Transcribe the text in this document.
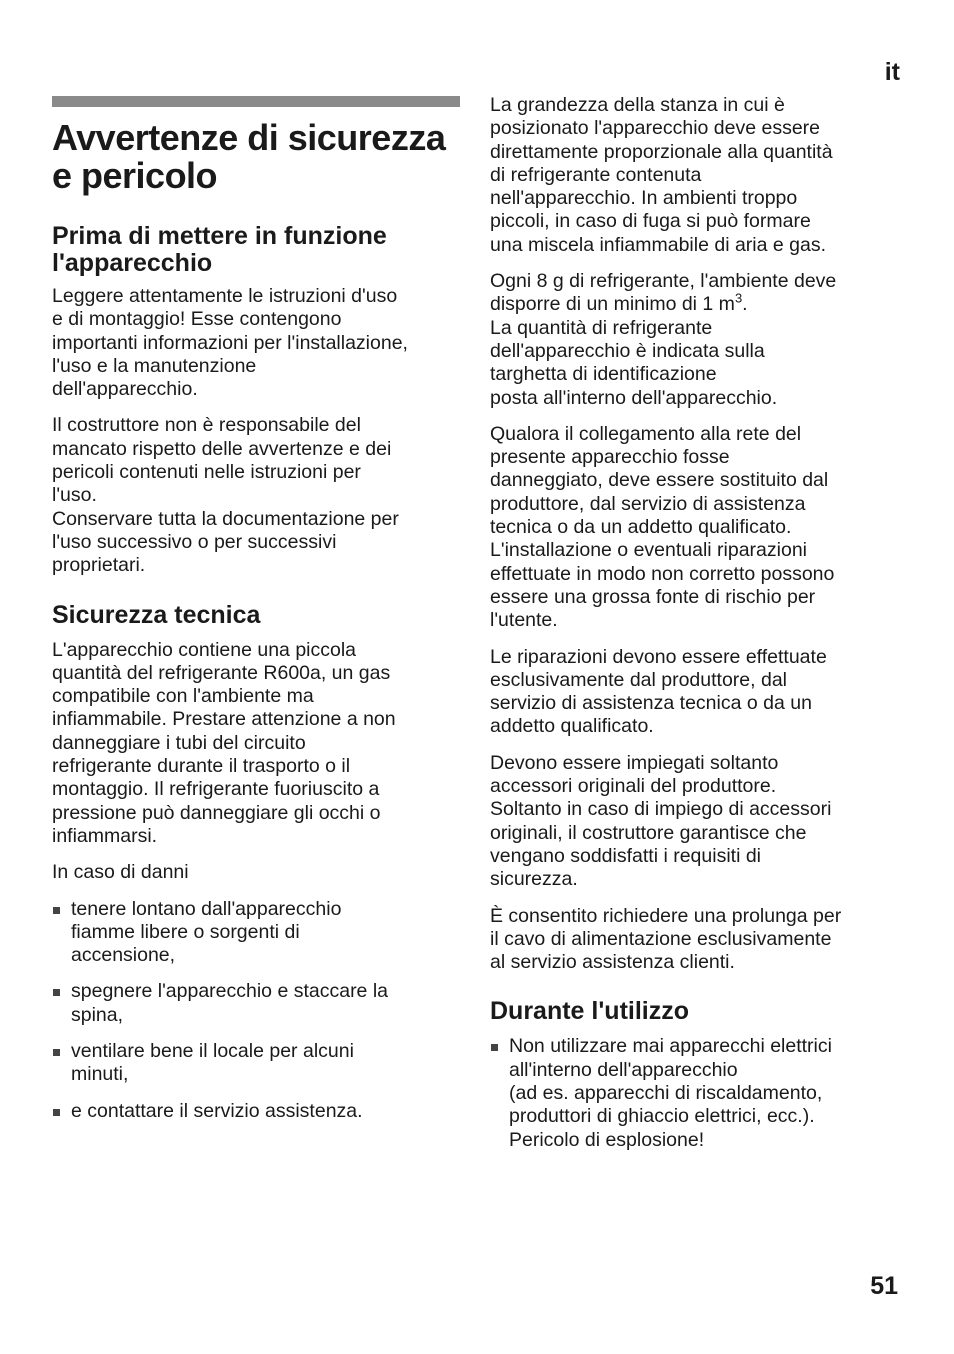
it
Avvertenze di sicurezza
e pericolo
Prima di mettere in funzione
l'apparecchio

Leggere attentamente le istruzioni d'uso
e di montaggio! Esse contengono
importanti informazioni per l'installazione,
l'uso e la manutenzione
dell'apparecchio.

Il costruttore non è responsabile del
mancato rispetto delle avvertenze e dei
pericoli contenuti nelle istruzioni per
l'uso.
Conservare tutta la documentazione per
l'uso successivo o per successivi
proprietari.

Sicurezza tecnica

L'apparecchio contiene una piccola
quantità del refrigerante R600a, un gas
compatibile con l'ambiente ma
infiammabile. Prestare attenzione a non
danneggiare i tubi del circuito
refrigerante durante il trasporto o il
montaggio. Il refrigerante fuoriuscito a
pressione può danneggiare gli occhi o
infiammarsi.

In caso di danni

tenere lontano dall'apparecchio
fiamme libere o sorgenti di
accensione,
spegnere l'apparecchio e staccare la
spina,
ventilare bene il locale per alcuni
minuti,
e contattare il servizio assistenza.

La grandezza della stanza in cui è
posizionato l'apparecchio deve essere
direttamente proporzionale alla quantità
di refrigerante contenuta
nell'apparecchio. In ambienti troppo
piccoli, in caso di fuga si può formare
una miscela infiammabile di aria e gas.

Ogni 8 g di refrigerante, l'ambiente deve
disporre di un minimo di 1 $m^3$.
La quantità di refrigerante
dell'apparecchio è indicata sulla
targhetta di identificazione
posta all'interno dell'apparecchio.

Qualora il collegamento alla rete del
presente apparecchio fosse
danneggiato, deve essere sostituito dal
produttore, dal servizio di assistenza
tecnica o da un addetto qualificato.
L'installazione o eventuali riparazioni
effettuate in modo non corretto possono
essere una grossa fonte di rischio per
l'utente.

Le riparazioni devono essere effettuate
esclusivamente dal produttore, dal
servizio di assistenza tecnica o da un
addetto qualificato.

Devono essere impiegati soltanto
accessori originali del produttore.
Soltanto in caso di impiego di accessori
originali, il costruttore garantisce che
vengano soddisfatti i requisiti di
sicurezza.

È consentito richiedere una prolunga per
il cavo di alimentazione esclusivamente
al servizio assistenza clienti.

Durante l'utilizzo
Non utilizzare mai apparecchi elettrici
all'interno dell'apparecchio
(ad es. apparecchi di riscaldamento,
produttori di ghiaccio elettrici, ecc.).
Pericolo di esplosione!
51
